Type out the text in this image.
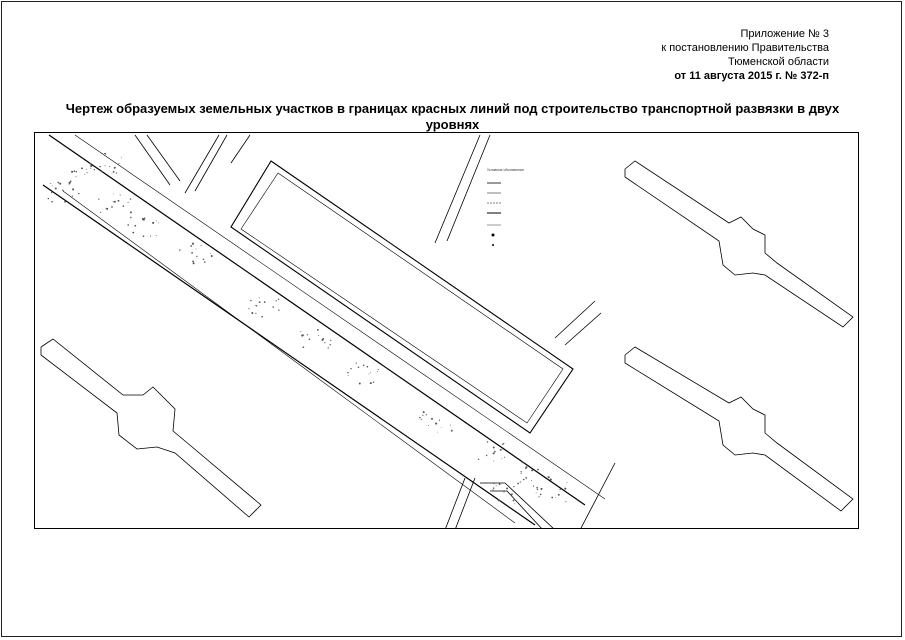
Приложение № 3
к постановлению Правительства
Тюменской области
от 11 августа 2015 г. № 372-п
Чертеж образуемых земельных участков в границах красных линий под строительство транспортной развязки в двух уровнях
Условные обозначения
